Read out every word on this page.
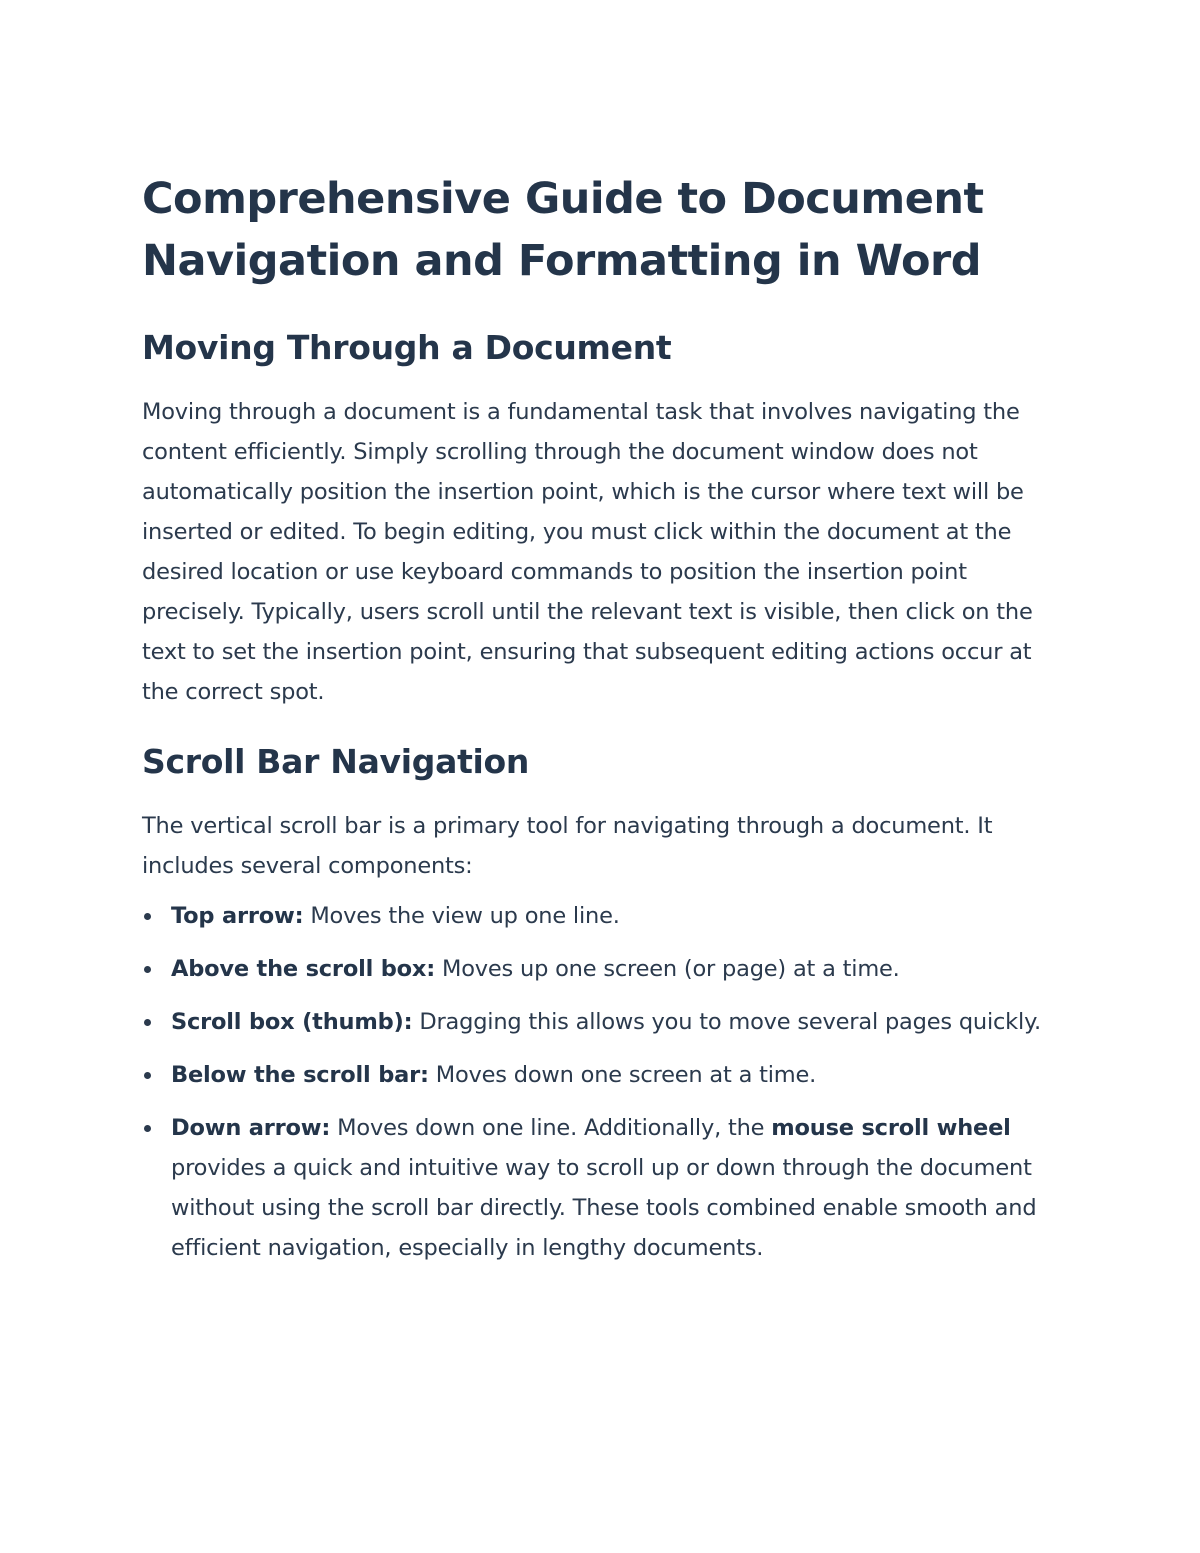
Comprehensive Guide to Document Navigation and Formatting in Word
Moving Through a Document

Moving through a document is a fundamental task that involves navigating the content efficiently. Simply scrolling through the document window does not automatically position the insertion point, which is the cursor where text will be inserted or edited. To begin editing, you must click within the document at the desired location or use keyboard commands to position the insertion point precisely. Typically, users scroll until the relevant text is visible, then click on the text to set the insertion point, ensuring that subsequent editing actions occur at the correct spot.

Scroll Bar Navigation

The vertical scroll bar is a primary tool for navigating through a document. It includes several components:

Top arrow: Moves the view up one line.
Above the scroll box: Moves up one screen (or page) at a time.
Scroll box (thumb): Dragging this allows you to move several pages quickly.
Below the scroll bar: Moves down one screen at a time.
Down arrow: Moves down one line. Additionally, the mouse scroll wheel provides a quick and intuitive way to scroll up or down through the document without using the scroll bar directly. These tools combined enable smooth and efficient navigation, especially in lengthy documents.
